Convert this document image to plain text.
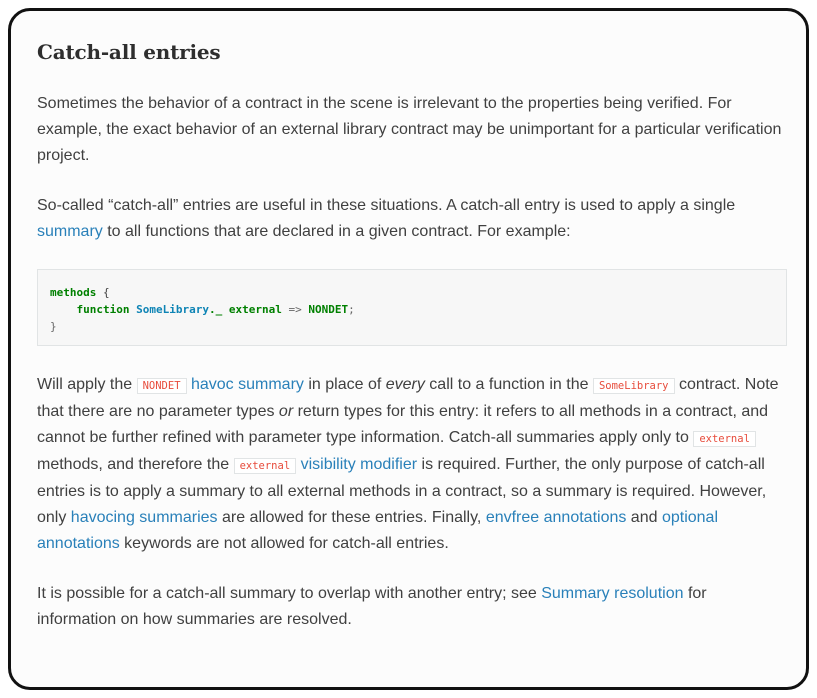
Catch-all entries

Sometimes the behavior of a contract in the scene is irrelevant to the properties being verified. For example, the exact behavior of an external library contract may be unimportant for a particular verification project.

So-called “catch-all” entries are useful in these situations. A catch-all entry is used to apply a single summary to all functions that are declared in a given contract. For example:

methods {
function SomeLibrary._ external => NONDET;
}

Will apply the NONDET havoc summary in place of every call to a function in the SomeLibrary contract. Note that there are no parameter types or return types for this entry: it refers to all methods in a contract, and cannot be further refined with parameter type information. Catch-all summaries apply only to external methods, and therefore the external visibility modifier is required. Further, the only purpose of catch-all entries is to apply a summary to all external methods in a contract, so a summary is required. However, only havocing summaries are allowed for these entries. Finally, envfree annotations and optional annotations keywords are not allowed for catch-all entries.

It is possible for a catch-all summary to overlap with another entry; see Summary resolution for information on how summaries are resolved.
